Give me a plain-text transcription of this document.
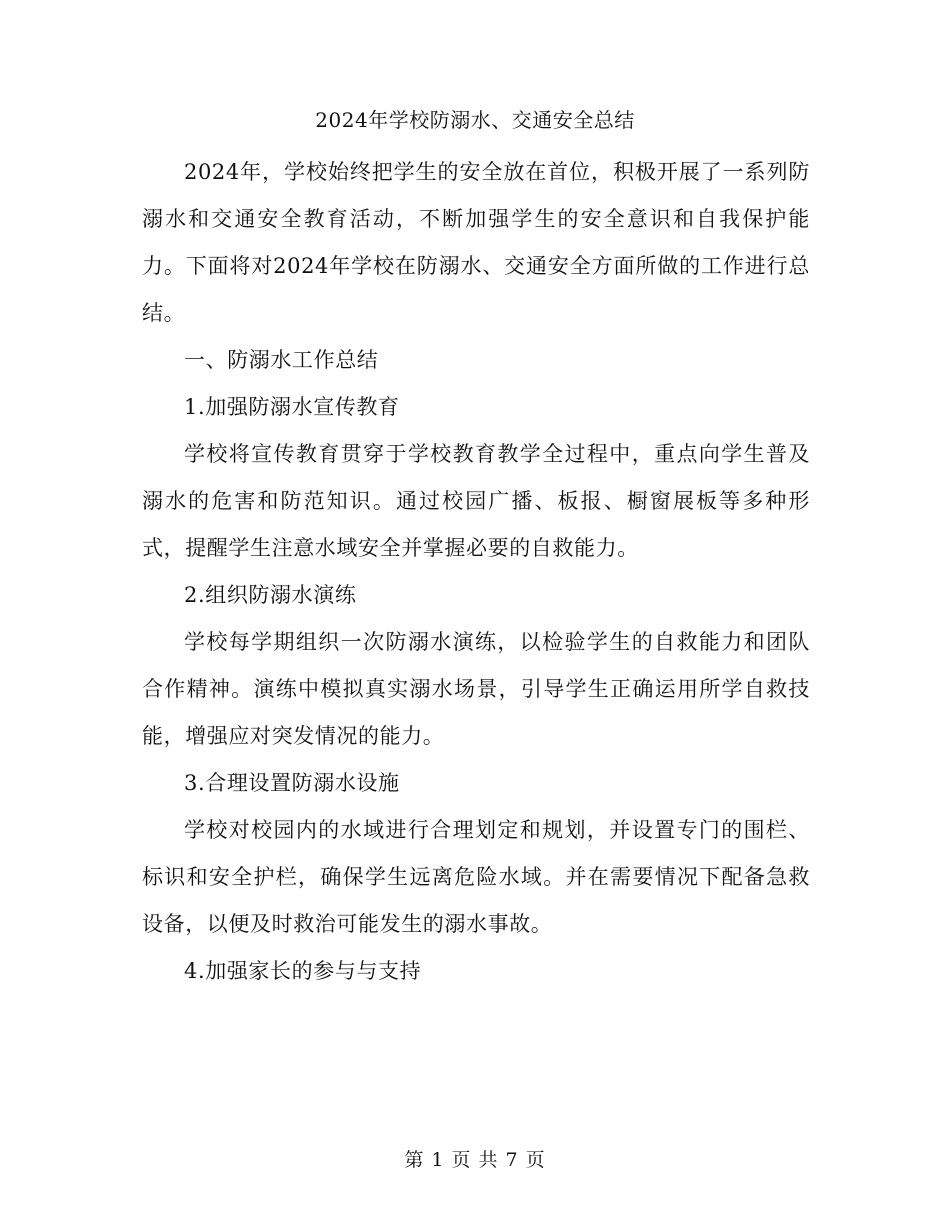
2024年学校防溺水、交通安全总结

2024年，学校始终把学生的安全放在首位，积极开展了一系列防溺水和交通安全教育活动，不断加强学生的安全意识和自我保护能力。下面将对2024年学校在防溺水、交通安全方面所做的工作进行总结。

一、防溺水工作总结

1.加强防溺水宣传教育

学校将宣传教育贯穿于学校教育教学全过程中，重点向学生普及溺水的危害和防范知识。通过校园广播、板报、橱窗展板等多种形式，提醒学生注意水域安全并掌握必要的自救能力。

2.组织防溺水演练

学校每学期组织一次防溺水演练，以检验学生的自救能力和团队合作精神。演练中模拟真实溺水场景，引导学生正确运用所学自救技能，增强应对突发情况的能力。

3.合理设置防溺水设施

学校对校园内的水域进行合理划定和规划，并设置专门的围栏、标识和安全护栏，确保学生远离危险水域。并在需要情况下配备急救设备，以便及时救治可能发生的溺水事故。

4.加强家长的参与与支持

第 1 页 共 7 页
